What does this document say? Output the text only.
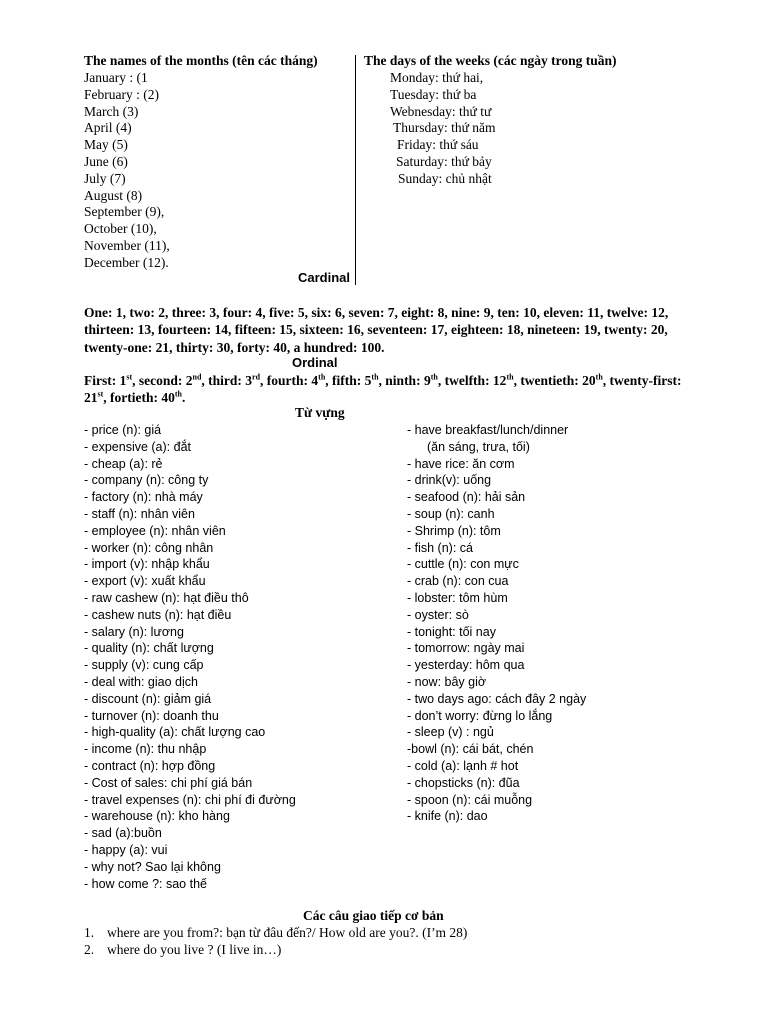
The names of the months (tên các tháng)	The days of the weeks (các ngày trong tuần)
January : (1
February : (2)
March (3)
April (4)
May (5)
June (6)
July (7)
August (8)
September (9),
October (10),
November (11),
December (12).
Monday: thứ hai,
Tuesday: thứ ba
Webnesday: thứ tư
Thursday: thứ năm
Friday: thứ sáu
Saturday: thứ bảy
Sunday: chủ nhật
Cardinal
One: 1, two: 2, three: 3, four: 4, five: 5, six: 6, seven: 7, eight: 8, nine: 9, ten: 10, eleven: 11, twelve: 12, thirteen: 13, fourteen: 14, fifteen: 15, sixteen: 16, seventeen: 17, eighteen: 18, nineteen: 19, twenty: 20, twenty-one: 21, thirty: 30, forty: 40, a hundred: 100.
Ordinal
First: 1st, second: 2nd, third: 3rd, fourth: 4th, fifth: 5th, ninth: 9th, twelfth: 12th, twentieth: 20th, twenty-first: 21st, fortieth: 40th.
Từ vựng
- price (n): giá
- expensive (a): đắt
- cheap (a): rẻ
- company (n): công ty
- factory (n): nhà máy
- staff (n): nhân viên
- employee (n): nhân viên
- worker (n): công nhân
- import (v): nhập khẩu
- export (v): xuất khẩu
- raw cashew (n): hạt điều thô
- cashew nuts (n): hạt điều
- salary (n): lương
- quality (n): chất lượng
- supply (v): cung cấp
- deal with: giao dịch
- discount (n): giảm giá
- turnover (n): doanh thu
- high-quality (a): chất lượng cao
- income (n): thu nhập
- contract (n): hợp đồng
- Cost of sales: chi phí giá bán
- travel expenses (n): chi phí đi đường
- warehouse (n): kho hàng
- sad (a):buồn
- happy (a): vui
- why not? Sao lại không
- how come ?: sao thế
- have breakfast/lunch/dinner
(ăn sáng, trưa, tối)
- have rice: ăn cơm
- drink(v): uống
- seafood (n): hải sản
- soup (n): canh
- Shrimp (n): tôm
- fish (n): cá
- cuttle (n): con mực
- crab (n): con cua
- lobster: tôm hùm
- oyster: sò
- tonight: tối nay
- tomorrow: ngày mai
- yesterday: hôm qua
- now: bây giờ
- two days ago: cách đây 2 ngày
- don’t worry: đừng lo lắng
- sleep (v) : ngủ
-bowl (n): cái bát, chén
- cold (a): lạnh # hot
- chopsticks (n): đũa
- spoon (n): cái muỗng
- knife (n): dao
Các câu giao tiếp cơ bản
1. where are you from?: bạn từ đâu đến?/ How old are you?. (I’m 28)
2. where do you live ? (I live in…)
